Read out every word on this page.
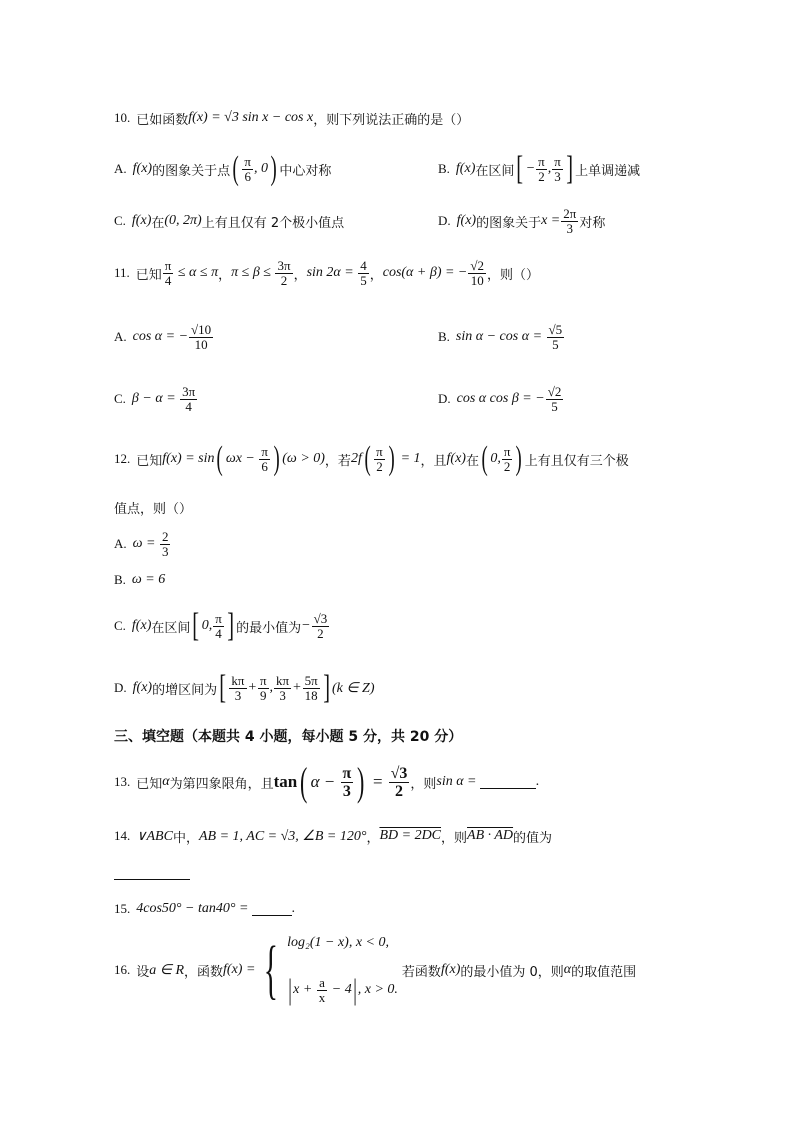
10. 已如函数 f(x) = √3 sin x − cos x ，则下列说法正确的是（）
A. f(x) 的图象关于点 ( $\frac{\pi}{6}$ , 0 ) 中心对称	B. f(x) 在区间 [ − $\frac{\pi}{2}$ , $\frac{\pi}{3}$ ] 上单调递减
C. f(x) 在 (0, 2π) 上有且仅有 2个极小值点	D. f(x) 的图象关于 $x = \frac{2\pi}{3}$ 对称
11. 已知 $\frac{\pi}{4} \le \alpha \le \pi$ ， $\pi \le \beta \le \frac{3\pi}{2}$ ， $\sin 2\alpha = \frac{4}{5}$ ， cos(α + β) = − $\frac{√2}{10}$ ，则（）
A. cos α = − $\frac{√10}{10}$	B. $\sin \alpha - \cos \alpha = \frac{√5}{5}$
C. $\beta - \alpha = \frac{3\pi}{4}$	D. cos α cos β = − $\frac{√2}{5}$
12. 已知 f(x) = sin ( $\omega x - \frac{\pi}{6}$ ) (ω > 0) ，若 2f ( $\frac{\pi}{2}$ ) = 1 ，且 f(x) 在 ( 0, $\frac{\pi}{2}$ ) 上有且仅有三个极
值点，则（）
A. $\omega = \frac{2}{3}$
B. ω = 6
C. f(x) 在区间 [ 0, $\frac{\pi}{4}$ ] 的最小值为 − $\frac{√3}{2}$
D. f(x) 的增区间为 [ $\frac{k\pi}{3} + \frac{\pi}{9}$ , $\frac{k\pi}{3} + \frac{5\pi}{18}$ ] (k ∈ Z)
三、填空题（本题共 4 小题，每小题 5 分，共 20 分）
13. 已知 α 为第四象限角，且 tan ( $\alpha - \frac{\pi}{3}$ ) = $\frac{√3}{2}$ ，则 sin α =	.
14. ∨ABC 中， AB = 1, AC = √3, ∠B = 120° ， BD = 2DC ，则 AB · AD 的值为
15. 4cos50° − tan40° =	.
16. 设 a ∈ R ，函数 f(x) = { log₂(1 − x), x < 0,
| $x + \frac{a}{x} - 4$ | , x > 0.
若函数 f(x) 的最小值为 0，则 α 的取值范围
